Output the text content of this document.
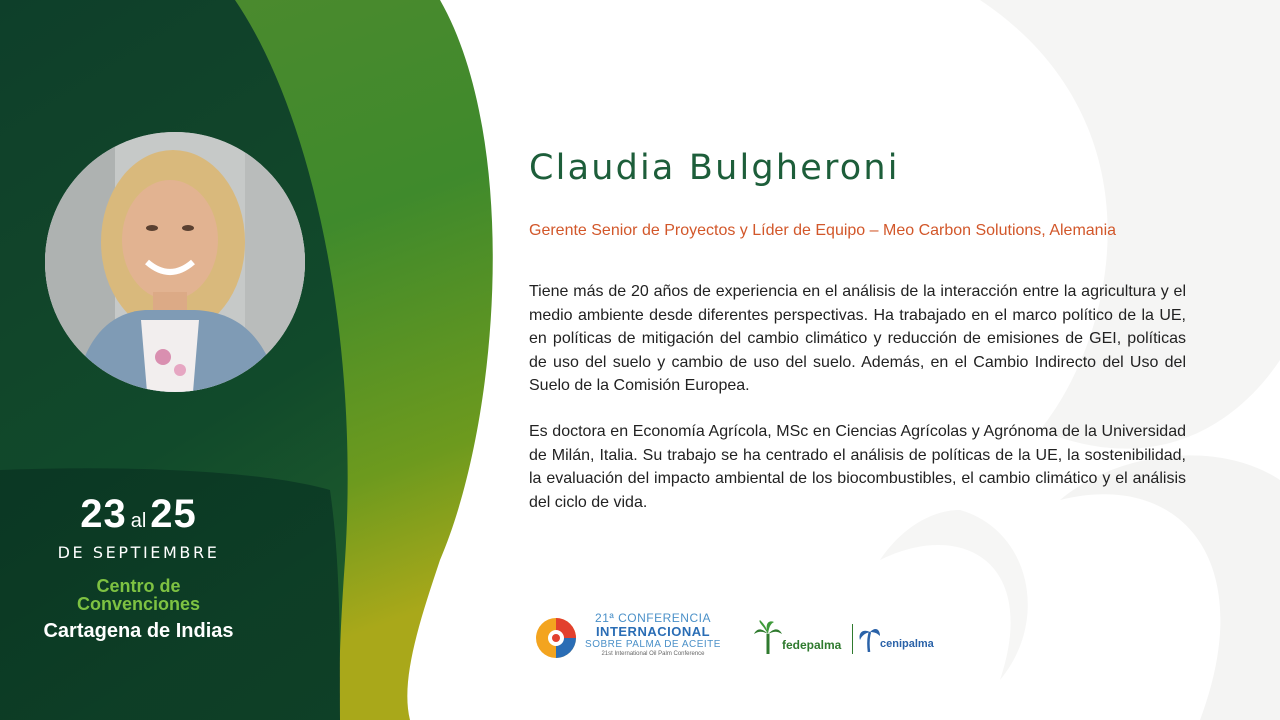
23 al 25
DE SEPTIEMBRE
Centro de
Convenciones
Cartagena de Indias
Claudia Bulgheroni

Gerente Senior de Proyectos y Líder de Equipo – Meo Carbon Solutions, Alemania

Tiene más de 20 años de experiencia en el análisis de la interacción entre la agricultura y el medio ambiente desde diferentes perspectivas. Ha trabajado en el marco político de la UE, en políticas de mitigación del cambio climático y reducción de emisiones de GEI, políticas de uso del suelo y cambio de uso del suelo. Además, en el Cambio Indirecto del Uso del Suelo de la Comisión Europea.

Es doctora en Economía Agrícola, MSc en Ciencias Agrícolas y Agrónoma de la Universidad de Milán, Italia. Su trabajo se ha centrado el análisis de políticas de la UE, la sostenibilidad, la evaluación del impacto ambiental de los biocombustibles, el cambio climático y el análisis del ciclo de vida.

21ª CONFERENCIA
INTERNACIONAL
SOBRE PALMA DE ACEITE
21st International Oil Palm Conference
fedepalma	cenipalma
